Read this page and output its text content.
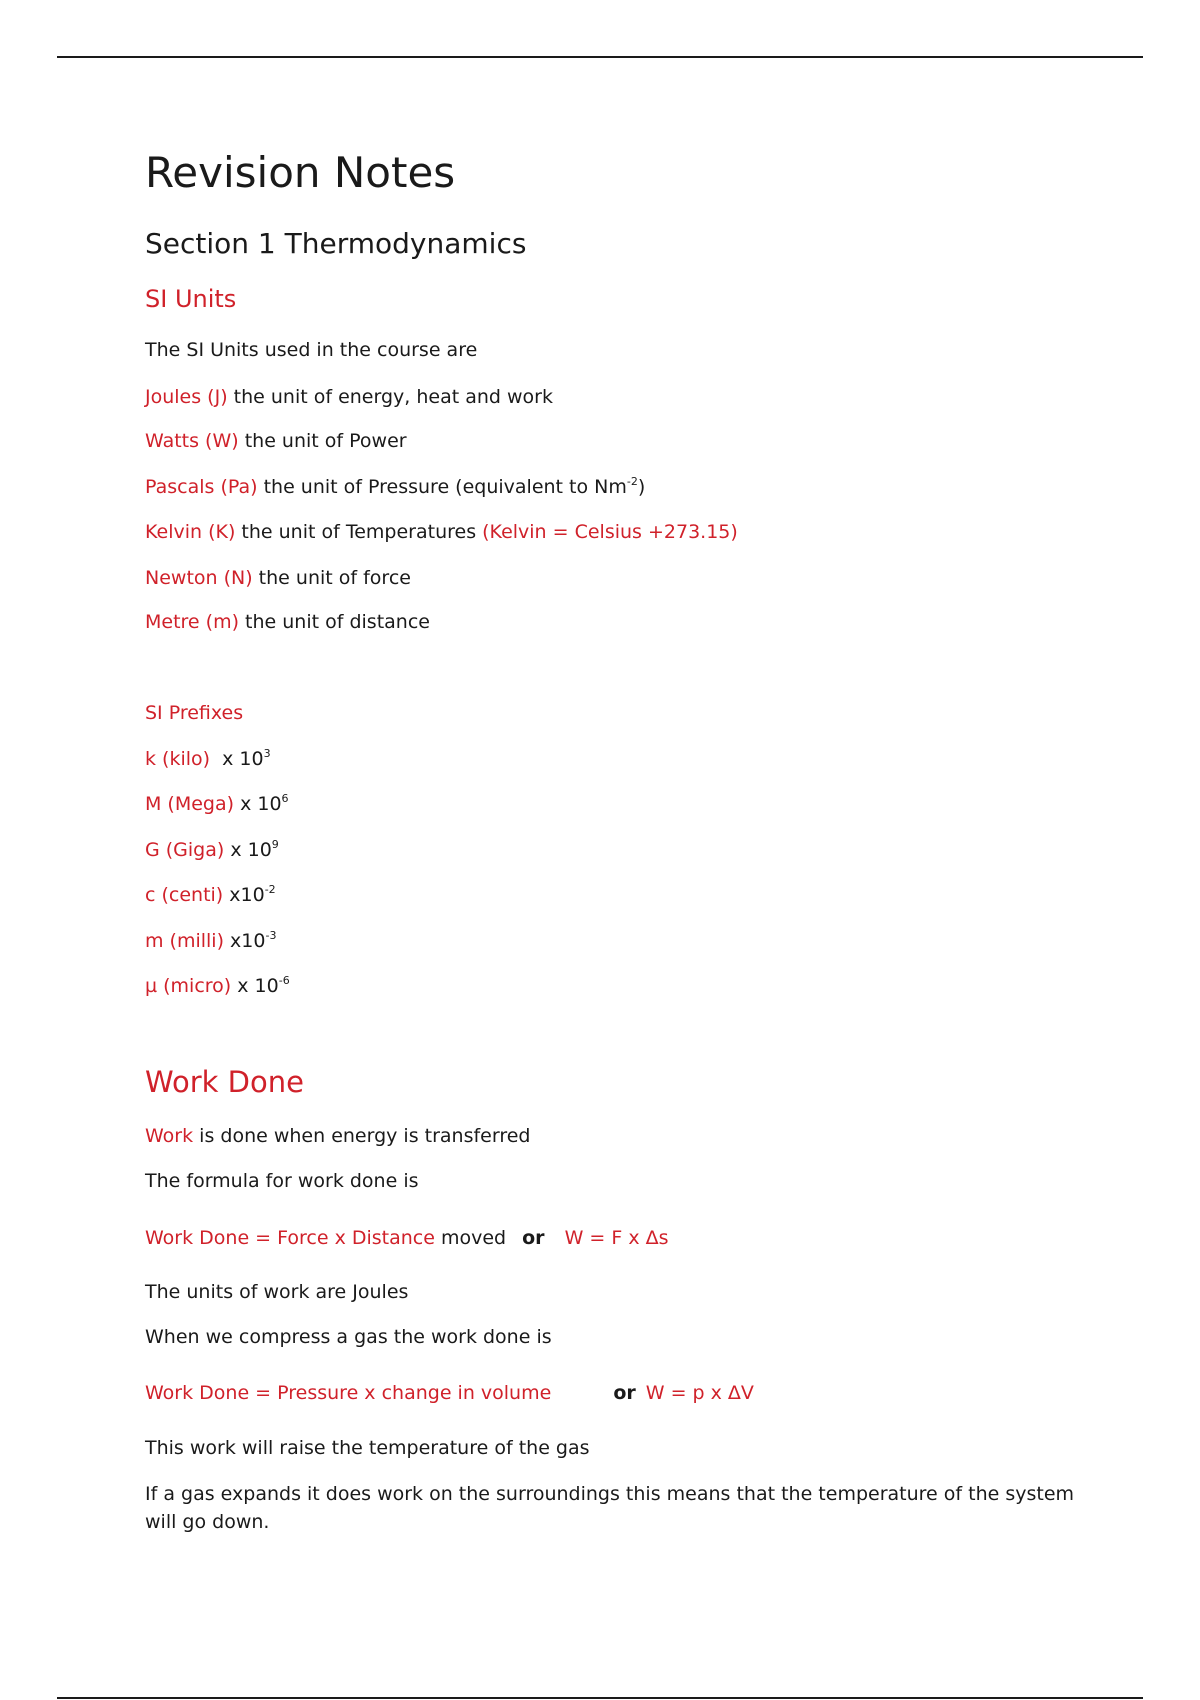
Revision Notes
Section 1 Thermodynamics
SI Units

The SI Units used in the course are

Joules (J) the unit of energy, heat and work

Watts (W) the unit of Power

Pascals (Pa) the unit of Pressure (equivalent to $Nm^{-2}$)

Kelvin (K) the unit of Temperatures (Kelvin = Celsius +273.15)

Newton (N) the unit of force

Metre (m) the unit of distance

SI Prefixes

k (kilo)  x $10^3$

M (Mega) x $10^6$

G (Giga) x $10^9$

c (centi) $x10^{-2}$

m (milli) $x10^{-3}$

µ (micro) x $10^{-6}$

Work Done

Work is done when energy is transferred

The formula for work done is

Work Done = Force x Distance moved or W = F x Δs

The units of work are Joules

When we compress a gas the work done is

Work Done = Pressure x change in volume	or W = p x ΔV

This work will raise the temperature of the gas

If a gas expands it does work on the surroundings this means that the temperature of the system will go down.
